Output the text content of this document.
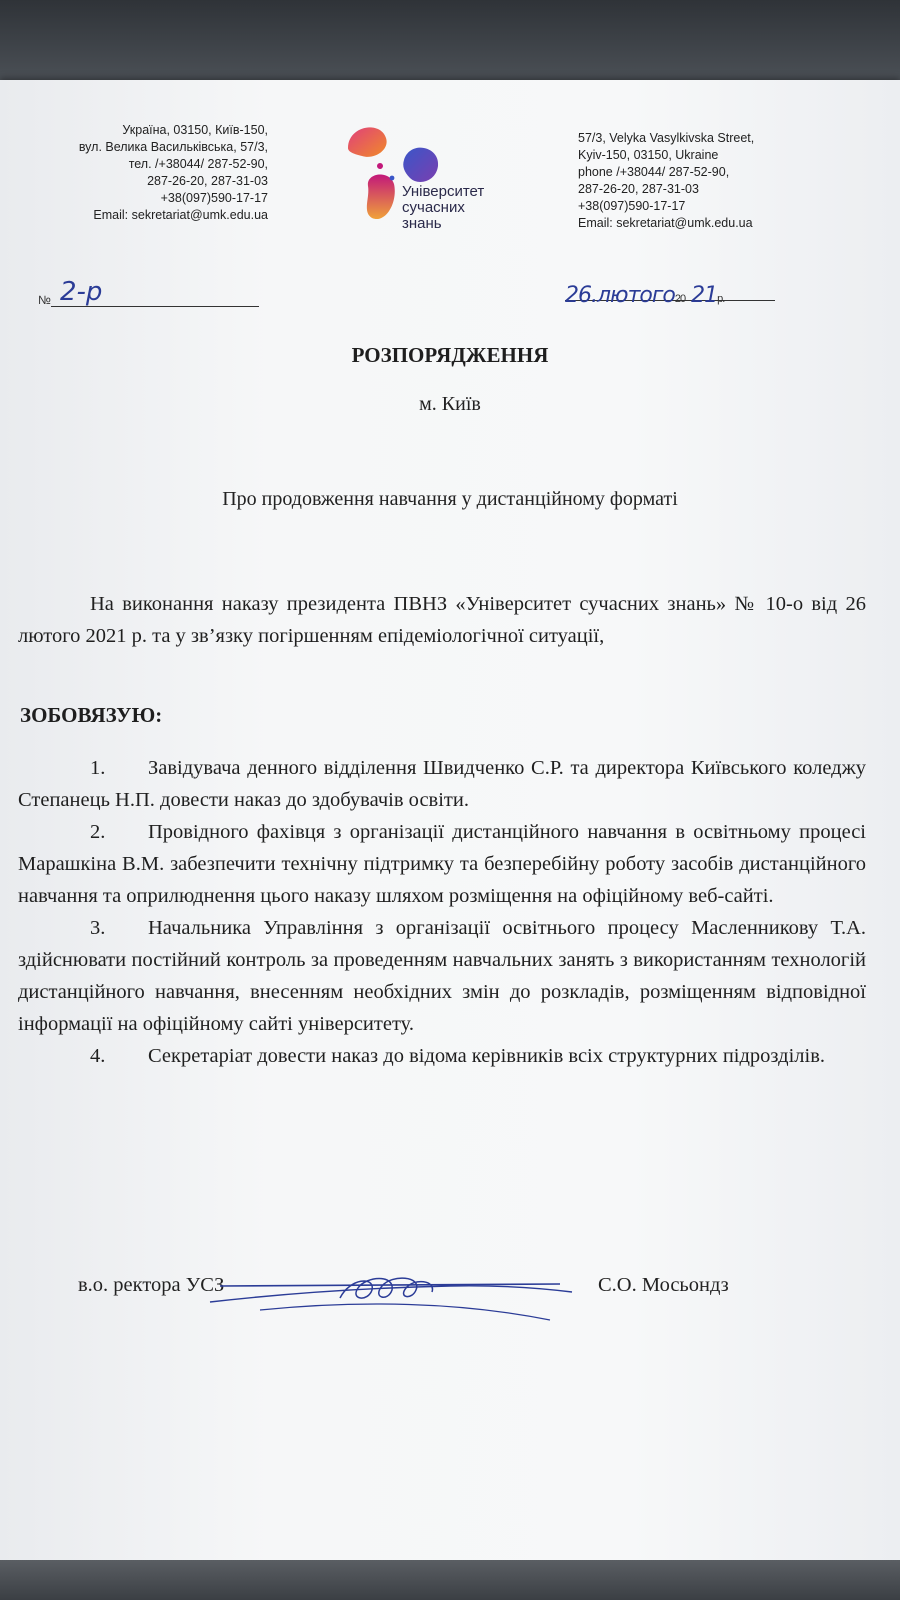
Україна, 03150, Київ-150,
вул. Велика Васильківська, 57/3,
тел. /+38044/ 287-52-90,
287-26-20, 287-31-03
+38(097)590-17-17
Email: sekretariat@umk.edu.ua
Університет
сучасних
знань
57/3, Velyka Vasylkivska Street,
Kyiv-150, 03150, Ukraine
phone /+38044/ 287-52-90,
287-26-20, 287-31-03
+38(097)590-17-17
Email: sekretariat@umk.edu.ua
№ 2-р	26.лютого20 21р.
РОЗПОРЯДЖЕННЯ
м. Київ
Про продовження навчання у дистанційному форматі
На виконання наказу президента ПВНЗ «Університет сучасних знань» № 10-о від 26 лютого 2021 р. та у зв’язку погіршенням епідеміологічної ситуації,
ЗОБОВЯЗУЮ:
1. Завідувача денного відділення Швидченко С.Р. та директора Київського коледжу Степанець Н.П. довести наказ до здобувачів освіти.
2. Провідного фахівця з організації дистанційного навчання в освітньому процесі Марашкіна В.М. забезпечити технічну підтримку та безперебійну роботу засобів дистанційного навчання та оприлюднення цього наказу шляхом розміщення на офіційному веб-сайті.
3. Начальника Управління з організації освітнього процесу Масленникову Т.А. здійснювати постійний контроль за проведенням навчальних занять з використанням технологій дистанційного навчання, внесенням необхідних змін до розкладів, розміщенням відповідної інформації на офіційному сайті університету.
4. Секретаріат довести наказ до відома керівників всіх структурних підрозділів.
в.о. ректора УСЗ	С.О. Мосьондз
